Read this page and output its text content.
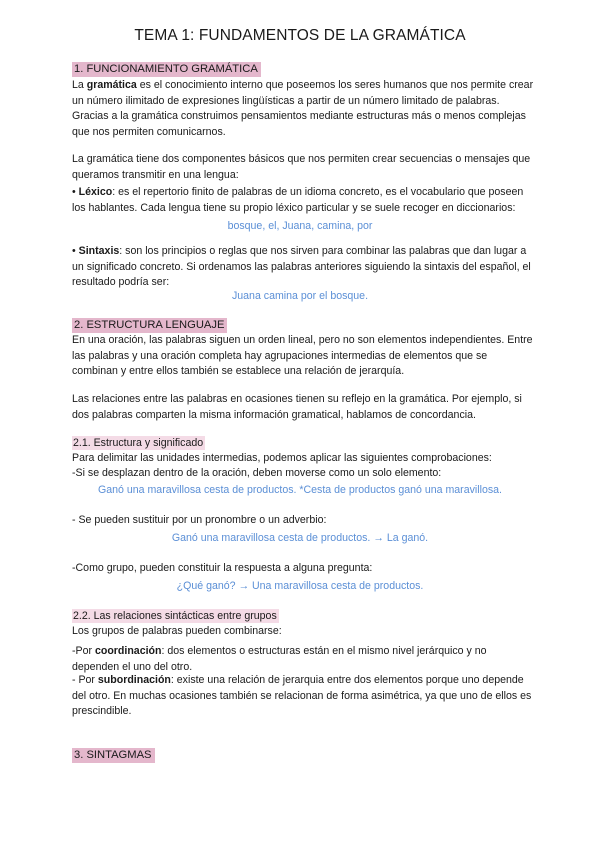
TEMA 1: FUNDAMENTOS DE LA GRAMÁTICA
1. FUNCIONAMIENTO GRAMÁTICA
La gramática es el conocimiento interno que poseemos los seres humanos que nos permite crear un número ilimitado de expresiones lingüísticas a partir de un número limitado de palabras. Gracias a la gramática construimos pensamientos mediante estructuras más o menos complejas que nos permiten comunicarnos.
La gramática tiene dos componentes básicos que nos permiten crear secuencias o mensajes que queramos transmitir en una lengua:
• Léxico: es el repertorio finito de palabras de un idioma concreto, es el vocabulario que poseen los hablantes. Cada lengua tiene su propio léxico particular y se suele recoger en diccionarios:
bosque, el, Juana, camina, por
• Sintaxis: son los principios o reglas que nos sirven para combinar las palabras que dan lugar a un significado concreto. Si ordenamos las palabras anteriores siguiendo la sintaxis del español, el resultado podría ser:
Juana camina por el bosque.
2. ESTRUCTURA LENGUAJE
En una oración, las palabras siguen un orden lineal, pero no son elementos independientes. Entre las palabras y una oración completa hay agrupaciones intermedias de elementos que se combinan y entre ellos también se establece una relación de jerarquía.
Las relaciones entre las palabras en ocasiones tienen su reflejo en la gramática. Por ejemplo, si dos palabras comparten la misma información gramatical, hablamos de concordancia.
2.1. Estructura y significado
Para delimitar las unidades intermedias, podemos aplicar las siguientes comprobaciones:
-Si se desplazan dentro de la oración, deben moverse como un solo elemento:
Ganó una maravillosa cesta de productos. *Cesta de productos ganó una maravillosa.
- Se pueden sustituir por un pronombre o un adverbio:
Ganó una maravillosa cesta de productos. → La ganó.
-Como grupo, pueden constituir la respuesta a alguna pregunta:
¿Qué ganó? → Una maravillosa cesta de productos.
2.2. Las relaciones sintácticas entre grupos
Los grupos de palabras pueden combinarse:
-Por coordinación: dos elementos o estructuras están en el mismo nivel jerárquico y no dependen el uno del otro.
- Por subordinación: existe una relación de jerarquia entre dos elementos porque uno depende del otro. En muchas ocasiones también se relacionan de forma asimétrica, ya que uno de ellos es prescindible.
3. SINTAGMAS
